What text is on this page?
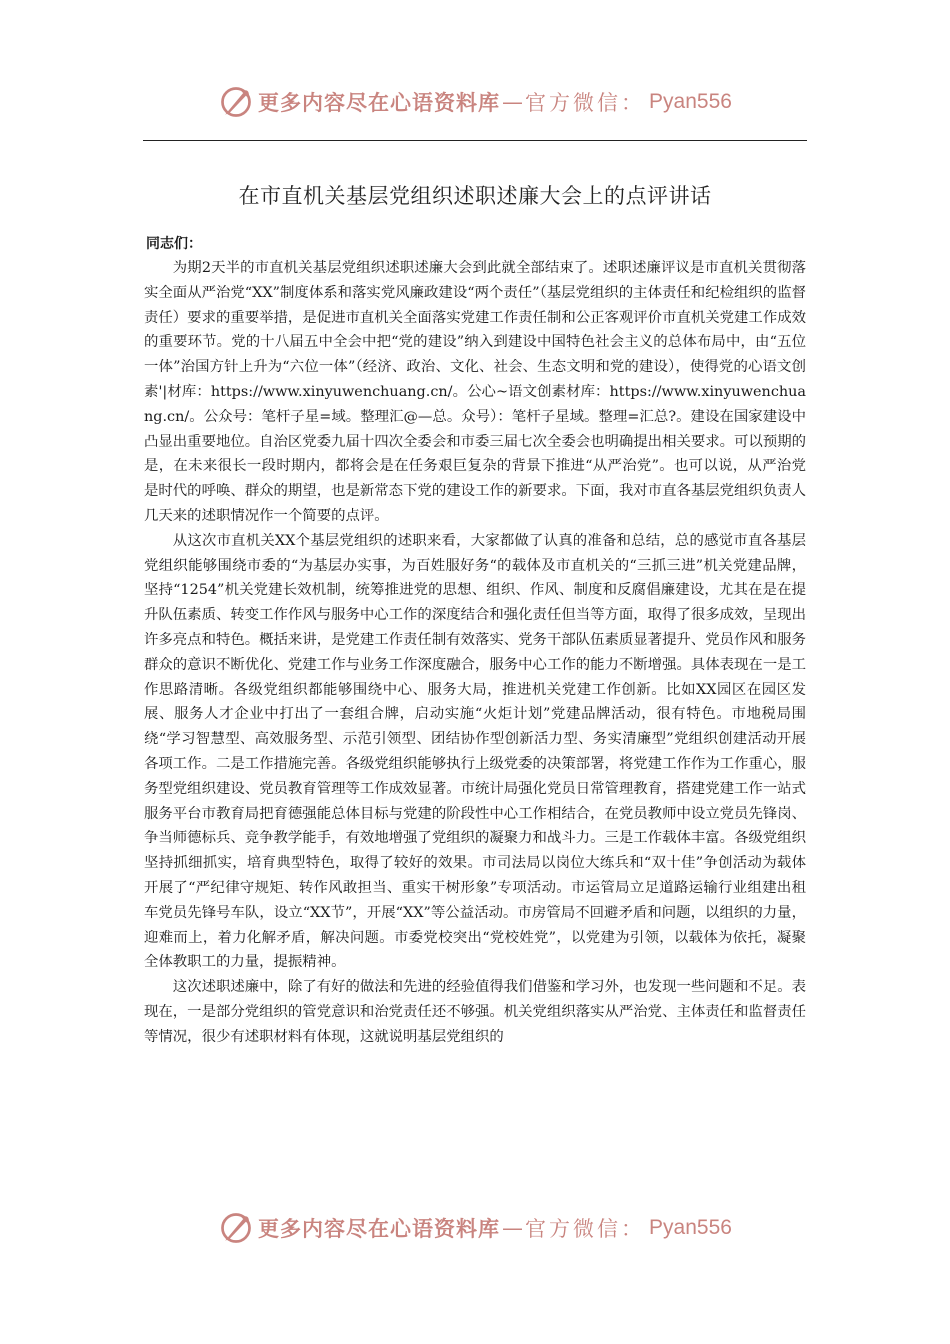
更多内容尽在心语资料库 — 官方微信： Pyan556
在市直机关基层党组织述职述廉大会上的点评讲话
同志们：

为期2天半的市直机关基层党组织述职述廉大会到此就全部结束了。述职述廉评议是市直机关贯彻落实全面从严治党“XX”制度体系和落实党风廉政建设“两个责任”（基层党组织的主体责任和纪检组织的监督责任）要求的重要举措，是促进市直机关全面落实党建工作责任制和公正客观评价市直机关党建工作成效的重要环节。党的十八届五中全会中把“党的建设”纳入到建设中国特色社会主义的总体布局中，由“五位一体”治国方针上升为“六位一体”（经济、政治、文化、社会、生态文明和党的建设），使得党的心语文创素'|材库：https://www.xinyuwenchuang.cn/。公心~语文创素材库：https://www.xinyuwenchuang.cn/。公众号：笔杆子星=域。整理汇@—总。众号）：笔杆子星域。整理=汇总?。建设在国家建设中凸显出重要地位。自治区党委九届十四次全委会和市委三届七次全委会也明确提出相关要求。可以预期的是，在未来很长一段时期内，都将会是在任务艰巨复杂的背景下推进“从严治党”。也可以说，从严治党是时代的呼唤、群众的期望，也是新常态下党的建设工作的新要求。下面，我对市直各基层党组织负责人几天来的述职情况作一个简要的点评。

从这次市直机关XX个基层党组织的述职来看，大家都做了认真的准备和总结，总的感觉市直各基层党组织能够围绕市委的“为基层办实事，为百姓服好务“的载体及市直机关的“三抓三进”机关党建品牌，坚持“1254”机关党建长效机制，统筹推进党的思想、组织、作风、制度和反腐倡廉建设，尤其在是在提升队伍素质、转变工作作风与服务中心工作的深度结合和强化责任但当等方面，取得了很多成效，呈现出许多亮点和特色。概括来讲，是党建工作责任制有效落实、党务干部队伍素质显著提升、党员作风和服务群众的意识不断优化、党建工作与业务工作深度融合，服务中心工作的能力不断增强。具体表现在一是工作思路清晰。各级党组织都能够围绕中心、服务大局，推进机关党建工作创新。比如XX园区在园区发展、服务人才企业中打出了一套组合牌，启动实施“火炬计划”党建品牌活动，很有特色。市地税局围绕“学习智慧型、高效服务型、示范引领型、团结协作型创新活力型、务实清廉型”党组织创建活动开展各项工作。二是工作措施完善。各级党组织能够执行上级党委的决策部署，将党建工作作为工作重心，服务型党组织建设、党员教育管理等工作成效显著。市统计局强化党员日常管理教育，搭建党建工作一站式服务平台市教育局把育德强能总体目标与党建的阶段性中心工作相结合，在党员教师中设立党员先锋岗、争当师德标兵、竞争教学能手，有效地增强了党组织的凝聚力和战斗力。三是工作载体丰富。各级党组织坚持抓细抓实，培育典型特色，取得了较好的效果。市司法局以岗位大练兵和“双十佳”争创活动为载体开展了“严纪律守规矩、转作风敢担当、重实干树形象”专项活动。市运管局立足道路运输行业组建出租车党员先锋号车队，设立“XX节”，开展“XX”等公益活动。市房管局不回避矛盾和问题，以组织的力量，迎难而上，着力化解矛盾，解决问题。市委党校突出“党校姓党”，以党建为引领，以载体为依托，凝聚全体教职工的力量，提振精神。

这次述职述廉中，除了有好的做法和先进的经验值得我们借鉴和学习外，也发现一些问题和不足。表现在，一是部分党组织的管党意识和治党责任还不够强。机关党组织落实从严治党、主体责任和监督责任等情况，很少有述职材料有体现，这就说明基层党组织的

更多内容尽在心语资料库 — 官方微信： Pyan556
